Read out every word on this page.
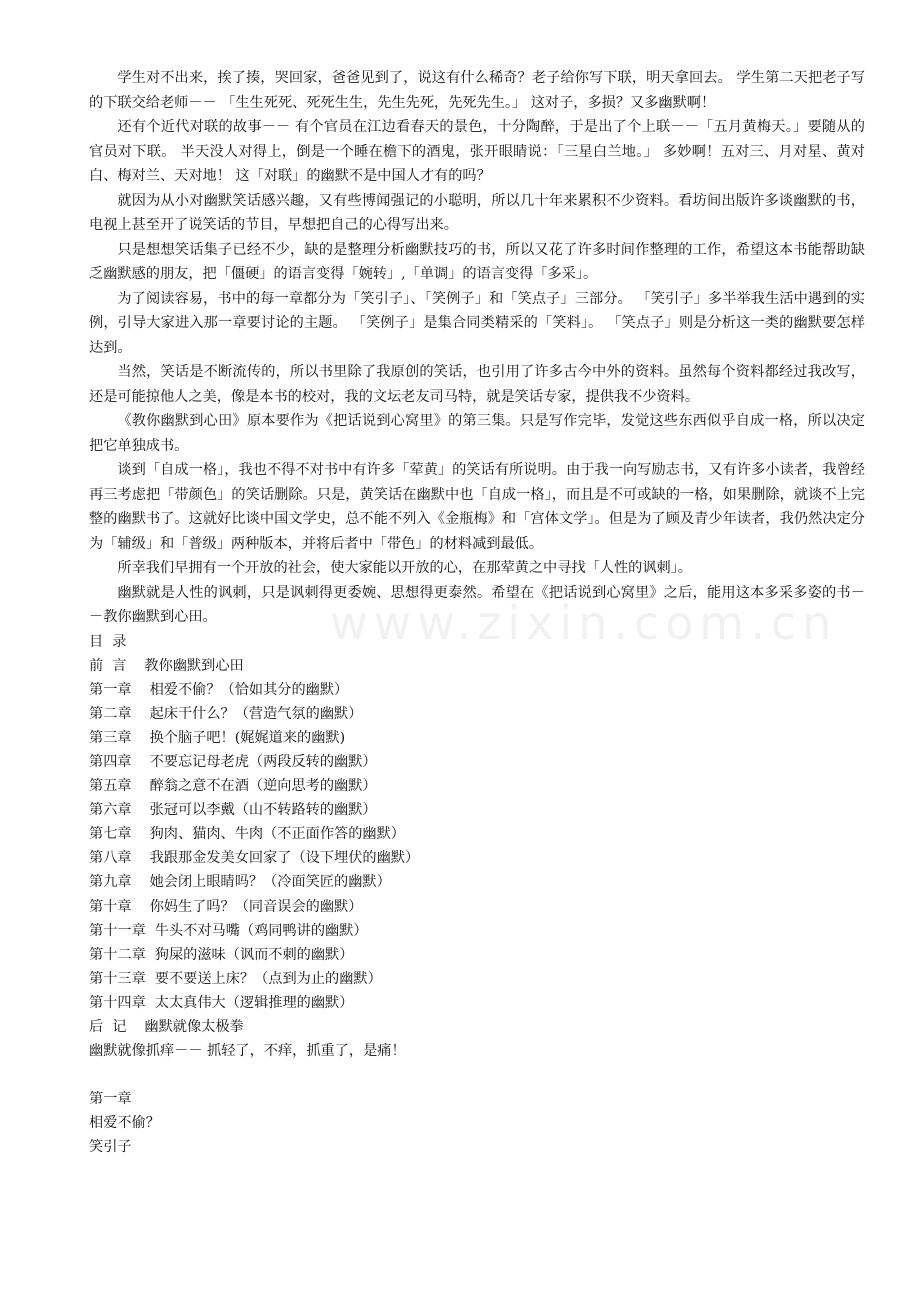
学生对不出来，挨了揍，哭回家，爸爸见到了，说这有什么稀奇？老子给你写下联，明天拿回去。 学生第二天把老子写的下联交给老师－－ 「生生死死、死死生生，先生先死，先死先生。」 这对子，多损？又多幽默啊！

还有个近代对联的故事－－ 有个官员在江边看春天的景色，十分陶醉，于是出了个上联－－「五月黄梅天。」要随从的官员对下联。 半天没人对得上，倒是一个睡在檐下的酒鬼，张开眼睛说：「三星白兰地。」 多妙啊！五对三、月对星、黄对白、梅对兰、天对地！ 这「对联」的幽默不是中国人才有的吗？

就因为从小对幽默笑话感兴趣，又有些博闻强记的小聪明，所以几十年来累积不少资料。看坊间出版许多谈幽默的书，电视上甚至开了说笑话的节目，早想把自己的心得写出来。

只是想想笑话集子已经不少，缺的是整理分析幽默技巧的书，所以又花了许多时间作整理的工作，希望这本书能帮助缺乏幽默感的朋友，把「僵硬」的语言变得「婉转」,「单调」的语言变得「多采」。

为了阅读容易，书中的每一章都分为「笑引子」、「笑例子」和「笑点子」三部分。 「笑引子」多半举我生活中遇到的实例，引导大家进入那一章要讨论的主题。 「笑例子」是集合同类精采的「笑料」。 「笑点子」则是分析这一类的幽默要怎样达到。

当然，笑话是不断流传的，所以书里除了我原创的笑话，也引用了许多古今中外的资料。虽然每个资料都经过我改写，还是可能掠他人之美，像是本书的校对，我的文坛老友司马特，就是笑话专家，提供我不少资料。

《教你幽默到心田》原本要作为《把话说到心窝里》的第三集。只是写作完毕，发觉这些东西似乎自成一格，所以决定把它单独成书。

谈到「自成一格」，我也不得不对书中有许多「荤黄」的笑话有所说明。由于我一向写励志书，又有许多小读者，我曾经再三考虑把「带颜色」的笑话删除。只是，黄笑话在幽默中也「自成一格」，而且是不可或缺的一格，如果删除，就谈不上完整的幽默书了。这就好比谈中国文学史，总不能不列入《金瓶梅》和「宫体文学」。但是为了顾及青少年读者，我仍然决定分为「辅级」和「普级」两种版本，并将后者中「带色」的材料减到最低。

所幸我们早拥有一个开放的社会，使大家能以开放的心，在那荤黄之中寻找「人性的讽刺」。

幽默就是人性的讽刺，只是讽刺得更委婉、思想得更泰然。希望在《把话说到心窝里》之后，能用这本多采多姿的书－－教你幽默到心田。

目  录

前  言    教你幽默到心田

第一章    相爱不偷？（恰如其分的幽默）

第二章    起床干什么？（营造气氛的幽默）

第三章    换个脑子吧！(娓娓道来的幽默)

第四章    不要忘记母老虎（两段反转的幽默）

第五章    醉翁之意不在酒（逆向思考的幽默）

第六章    张冠可以李戴（山不转路转的幽默）

第七章    狗肉、猫肉、牛肉（不正面作答的幽默）

第八章    我跟那金发美女回家了（设下埋伏的幽默）

第九章    她会闭上眼睛吗？（冷面笑匠的幽默）

第十章    你妈生了吗？（同音误会的幽默）

第十一章  牛头不对马嘴（鸡同鸭讲的幽默）

第十二章  狗屎的滋味（讽而不刺的幽默）

第十三章  要不要送上床？（点到为止的幽默）

第十四章  太太真伟大（逻辑推理的幽默）

后  记    幽默就像太极拳

幽默就像抓痒－－ 抓轻了，不痒，抓重了，是痛！

第一章

相爱不偷？

笑引子

www.zixin.com.cn
